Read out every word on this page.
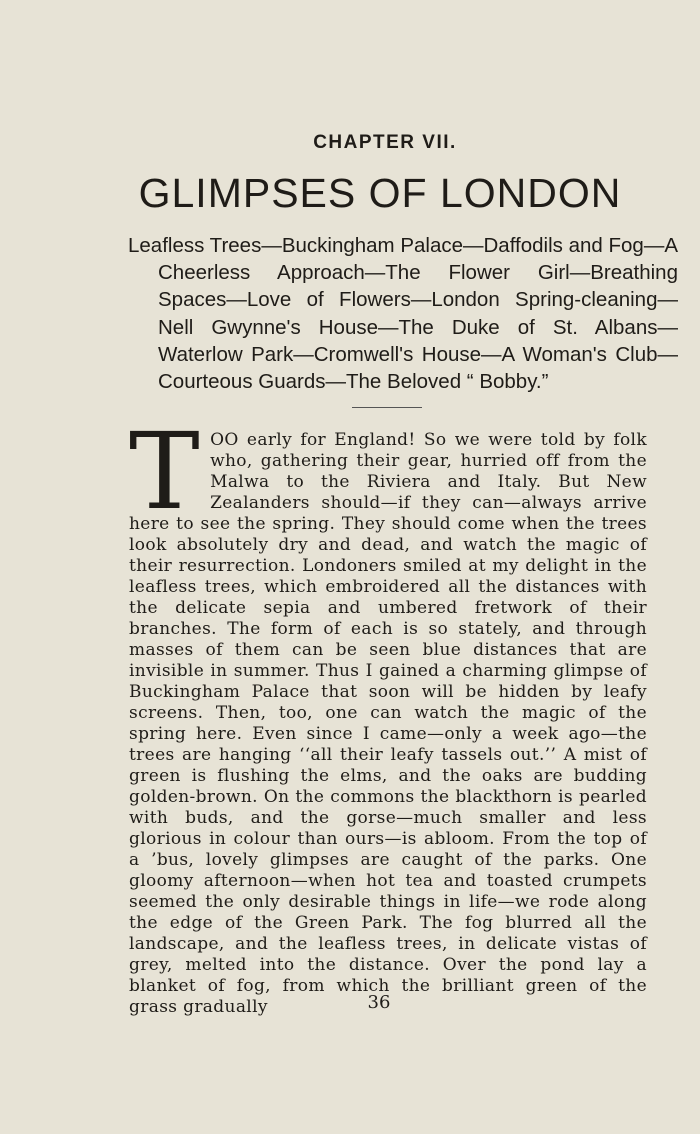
CHAPTER VII.
GLIMPSES OF LONDON
Leafless Trees—Buckingham Palace—Daffodils and Fog—A Cheerless Approach—The Flower Girl—Breathing Spaces—Love of Flowers—London Spring-cleaning—Nell Gwynne's House—The Duke of St. Albans—Waterlow Park—Cromwell's House—A Woman's Club—Courteous Guards—The Beloved “ Bobby.”
T OO early for England! So we were told by folk who, gathering their gear, hurried off from the Malwa to the Riviera and Italy. But New Zealanders should—if they can—always arrive here to see the spring. They should come when the trees look absolutely dry and dead, and watch the magic of their resurrection. Londoners smiled at my delight in the leafless trees, which embroidered all the distances with the delicate sepia and umbered fretwork of their branches. The form of each is so stately, and through masses of them can be seen blue distances that are invisible in summer. Thus I gained a charming glimpse of Buckingham Palace that soon will be hidden by leafy screens. Then, too, one can watch the magic of the spring here. Even since I came—only a week ago—the trees are hanging ‘‘all their leafy tassels out.’’ A mist of green is flushing the elms, and the oaks are budding golden-brown. On the commons the blackthorn is pearled with buds, and the gorse—much smaller and less glorious in colour than ours—is abloom. From the top of a ’bus, lovely glimpses are caught of the parks. One gloomy afternoon—when hot tea and toasted crumpets seemed the only desirable things in life—we rode along the edge of the Green Park. The fog blurred all the landscape, and the leafless trees, in delicate vistas of grey, melted into the distance. Over the pond lay a blanket of fog, from which the brilliant green of the grass gradually	36
